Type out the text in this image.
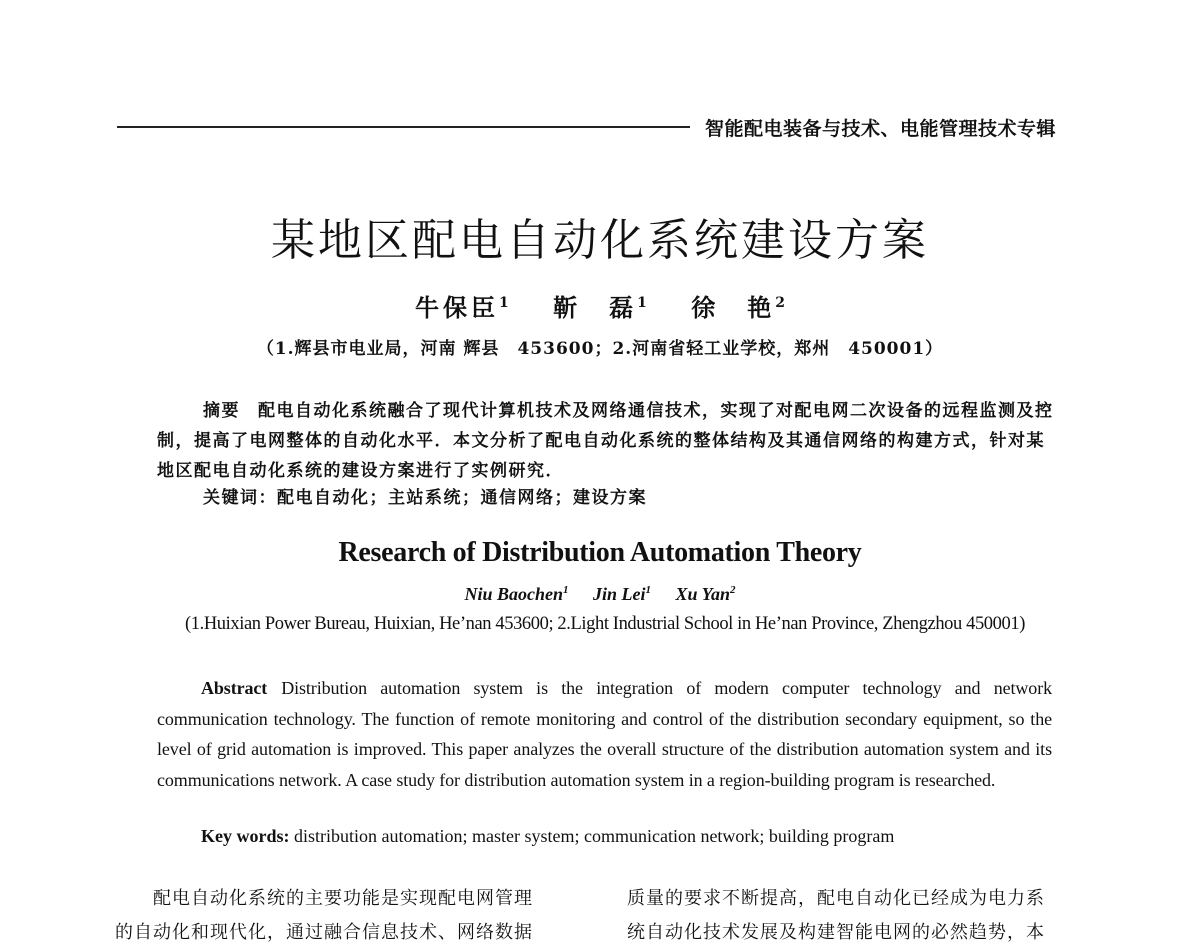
智能配电装备与技术、电能管理技术专辑
某地区配电自动化系统建设方案
牛保臣$^1$ 靳　磊$^1$ 徐　艳$^2$
（1.辉县市电业局，河南 辉县　453600；2.河南省轻工业学校，郑州　450001）
摘要 配电自动化系统融合了现代计算机技术及网络通信技术，实现了对配电网二次设备的远程监测及控制，提高了电网整体的自动化水平．本文分析了配电自动化系统的整体结构及其通信网络的构建方式，针对某地区配电自动化系统的建设方案进行了实例研究．
关键词：配电自动化；主站系统；通信网络；建设方案
Research of Distribution Automation Theory
Niu Baochen$^1$ Jin Lei$^1$ Xu Yan$^2$
(1.Huixian Power Bureau, Huixian, He’nan 453600; 2.Light Industrial School in He’nan Province, Zhengzhou 450001)
Abstract Distribution automation system is the integration of modern computer technology and network communication technology. The function of remote monitoring and control of the distribution secondary equipment, so the level of grid automation is improved. This paper analyzes the overall structure of the distribution automation system and its communications network. A case study for distribution automation system in a region-building program is researched.
Key words: distribution automation; master system; communication network; building program
　　配电自动化系统的主要功能是实现配电网管理
的自动化和现代化，通过融合信息技术、网络数据
质量的要求不断提高，配电自动化已经成为电力系
统自动化技术发展及构建智能电网的必然趋势，本
